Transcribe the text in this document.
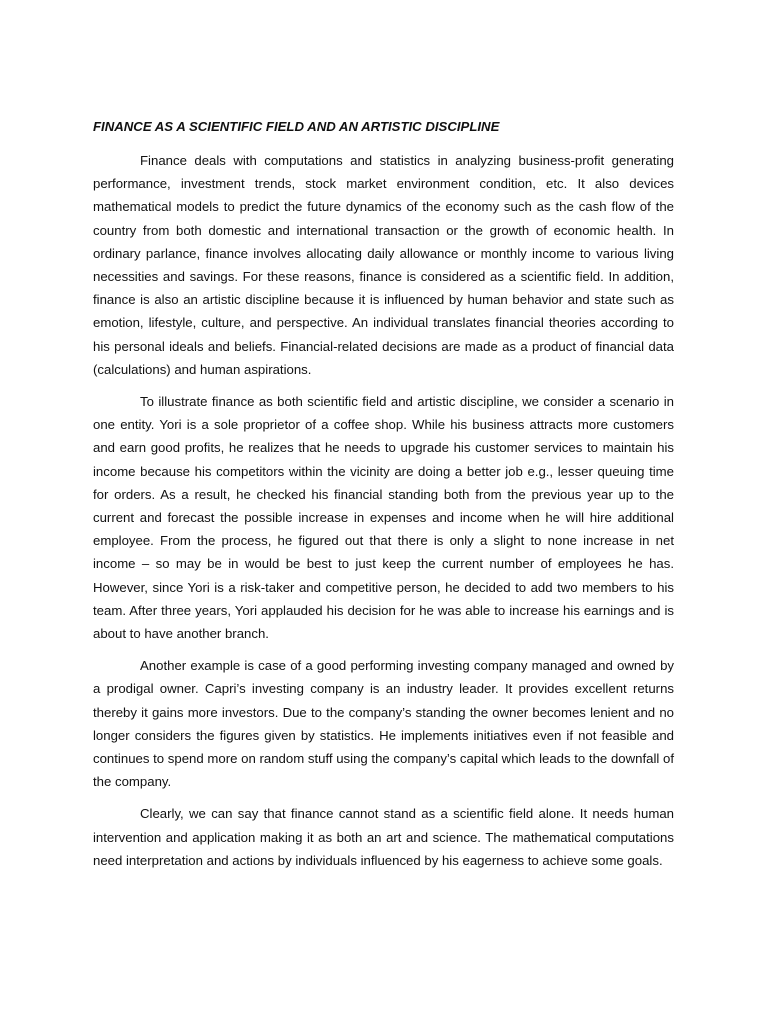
FINANCE AS A SCIENTIFIC FIELD AND AN ARTISTIC DISCIPLINE

Finance deals with computations and statistics in analyzing business-profit generating performance, investment trends, stock market environment condition, etc. It also devices mathematical models to predict the future dynamics of the economy such as the cash flow of the country from both domestic and international transaction or the growth of economic health. In ordinary parlance, finance involves allocating daily allowance or monthly income to various living necessities and savings. For these reasons, finance is considered as a scientific field. In addition, finance is also an artistic discipline because it is influenced by human behavior and state such as emotion, lifestyle, culture, and perspective. An individual translates financial theories according to his personal ideals and beliefs. Financial-related decisions are made as a product of financial data (calculations) and human aspirations.

To illustrate finance as both scientific field and artistic discipline, we consider a scenario in one entity. Yori is a sole proprietor of a coffee shop. While his business attracts more customers and earn good profits, he realizes that he needs to upgrade his customer services to maintain his income because his competitors within the vicinity are doing a better job e.g., lesser queuing time for orders. As a result, he checked his financial standing both from the previous year up to the current and forecast the possible increase in expenses and income when he will hire additional employee. From the process, he figured out that there is only a slight to none increase in net income – so may be in would be best to just keep the current number of employees he has. However, since Yori is a risk-taker and competitive person, he decided to add two members to his team. After three years, Yori applauded his decision for he was able to increase his earnings and is about to have another branch.

Another example is case of a good performing investing company managed and owned by a prodigal owner. Capri’s investing company is an industry leader. It provides excellent returns thereby it gains more investors. Due to the company’s standing the owner becomes lenient and no longer considers the figures given by statistics. He implements initiatives even if not feasible and continues to spend more on random stuff using the company’s capital which leads to the downfall of the company.

Clearly, we can say that finance cannot stand as a scientific field alone. It needs human intervention and application making it as both an art and science. The mathematical computations need interpretation and actions by individuals influenced by his eagerness to achieve some goals.
